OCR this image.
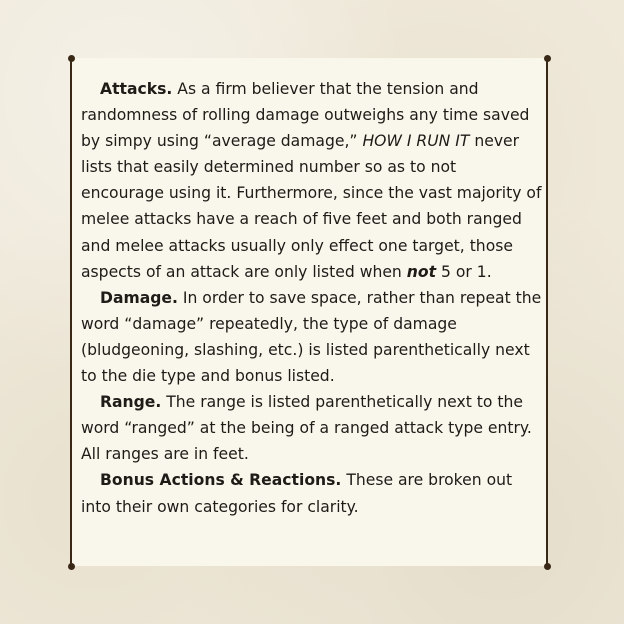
Attacks. As a firm believer that the tension and randomness of rolling damage outweighs any time saved by simpy using “average damage,” HOW I RUN IT never lists that easily determined number so as to not encourage using it. Furthermore, since the vast majority of melee attacks have a reach of five feet and both ranged and melee attacks usually only effect one target, those aspects of an attack are only listed when not 5 or 1.

Damage. In order to save space, rather than repeat the word “damage” repeatedly, the type of damage (bludgeoning, slashing, etc.) is listed parenthetically next to the die type and bonus listed.

Range. The range is listed parenthetically next to the word “ranged” at the being of a ranged attack type entry. All ranges are in feet.

Bonus Actions & Reactions. These are broken out into their own categories for clarity.
